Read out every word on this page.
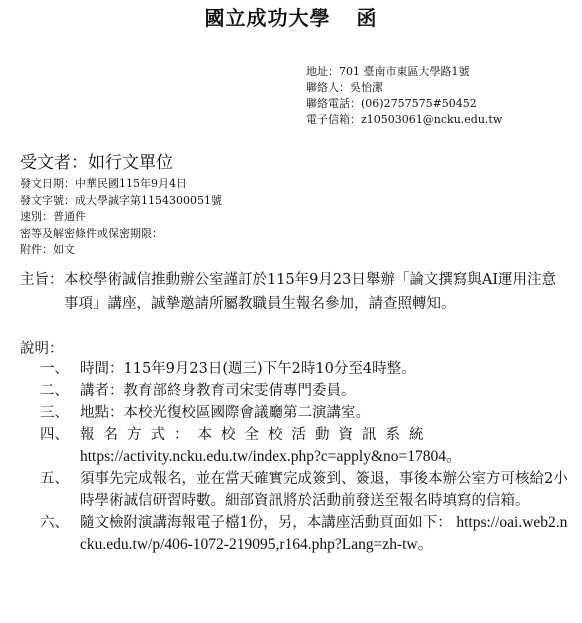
國立成功大學 函
地址：701 臺南市東區大學路1號
聯絡人：吳怡潔
聯絡電話：(06)2757575#50452
電子信箱：z10503061@ncku.edu.tw
受文者：如行文單位
發文日期：中華民國115年9月4日
發文字號：成大學誠字第1154300051號
速別：普通件
密等及解密條件或保密期限：
附件：如文
主旨： 本校學術誠信推動辦公室謹訂於115年9月23日舉辦「論文撰寫與AI運用注意事項」講座，誠摯邀請所屬教職員生報名參加，請查照轉知。
說明：
一、 時間：115年9月23日(週三)下午2時10分至4時整。
二、 講者：教育部終身教育司宋雯倩專門委員。
三、 地點：本校光復校區國際會議廳第二演講室。
四、 報名方式：本校全校活動資訊系統
https://activity.ncku.edu.tw/index.php?c=apply&no=17804。
五、 須事先完成報名，並在當天確實完成簽到、簽退，事後本辦公室方可核給2小時學術誠信研習時數。細部資訊將於活動前發送至報名時填寫的信箱。
六、 隨文檢附演講海報電子檔1份，另，本講座活動頁面如下： https://oai.web2.ncku.edu.tw/p/406-1072-219095,r164.php?Lang=zh-tw。
